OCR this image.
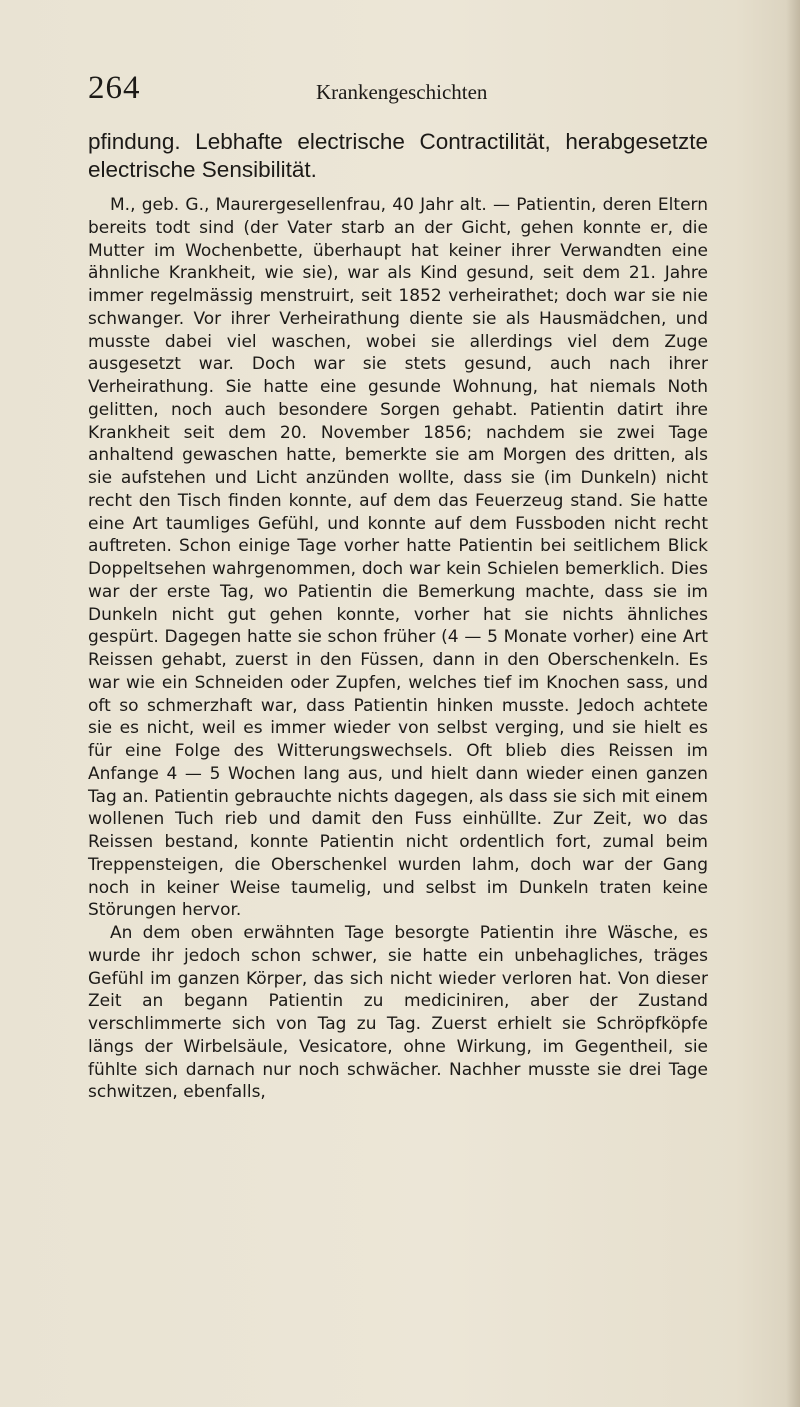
264	Krankengeschichten

pfindung. Lebhafte electrische Contractilität, herabgesetzte
electrische Sensibilität.

M., geb. G., Maurergesellenfrau, 40 Jahr alt. — Patientin, deren Eltern bereits todt sind (der Vater starb an der Gicht, gehen konnte er, die Mutter im Wochenbette, überhaupt hat keiner ihrer Verwandten eine ähnliche Krankheit, wie sie), war als Kind gesund, seit dem 21. Jahre immer regelmässig menstruirt, seit 1852 verheirathet; doch war sie nie schwanger. Vor ihrer Verheirathung diente sie als Hausmädchen, und musste dabei viel waschen, wobei sie allerdings viel dem Zuge ausgesetzt war. Doch war sie stets gesund, auch nach ihrer Verheirathung. Sie hatte eine gesunde Wohnung, hat niemals Noth gelitten, noch auch besondere Sorgen gehabt. Patientin datirt ihre Krankheit seit dem 20. November 1856; nachdem sie zwei Tage anhaltend gewaschen hatte, bemerkte sie am Morgen des dritten, als sie aufstehen und Licht anzünden wollte, dass sie (im Dunkeln) nicht recht den Tisch finden konnte, auf dem das Feuerzeug stand. Sie hatte eine Art taumliges Gefühl, und konnte auf dem Fussboden nicht recht auftreten. Schon einige Tage vorher hatte Patientin bei seitlichem Blick Doppeltsehen wahrgenommen, doch war kein Schielen bemerklich. Dies war der erste Tag, wo Patientin die Bemerkung machte, dass sie im Dunkeln nicht gut gehen konnte, vorher hat sie nichts ähnliches gespürt. Dagegen hatte sie schon früher (4 — 5 Monate vorher) eine Art Reissen gehabt, zuerst in den Füssen, dann in den Oberschenkeln. Es war wie ein Schneiden oder Zupfen, welches tief im Knochen sass, und oft so schmerzhaft war, dass Patientin hinken musste. Jedoch achtete sie es nicht, weil es immer wieder von selbst verging, und sie hielt es für eine Folge des Witterungswechsels. Oft blieb dies Reissen im Anfange 4 — 5 Wochen lang aus, und hielt dann wieder einen ganzen Tag an. Patientin gebrauchte nichts dagegen, als dass sie sich mit einem wollenen Tuch rieb und damit den Fuss einhüllte. Zur Zeit, wo das Reissen bestand, konnte Patientin nicht ordentlich fort, zumal beim Treppensteigen, die Oberschenkel wurden lahm, doch war der Gang noch in keiner Weise taumelig, und selbst im Dunkeln traten keine Störungen hervor.

An dem oben erwähnten Tage besorgte Patientin ihre Wäsche, es wurde ihr jedoch schon schwer, sie hatte ein unbehagliches, träges Gefühl im ganzen Körper, das sich nicht wieder verloren hat. Von dieser Zeit an begann Patientin zu mediciniren, aber der Zustand verschlimmerte sich von Tag zu Tag. Zuerst erhielt sie Schröpfköpfe längs der Wirbelsäule, Vesicatore, ohne Wirkung, im Gegentheil, sie fühlte sich darnach nur noch schwächer. Nachher musste sie drei Tage schwitzen, ebenfalls,
